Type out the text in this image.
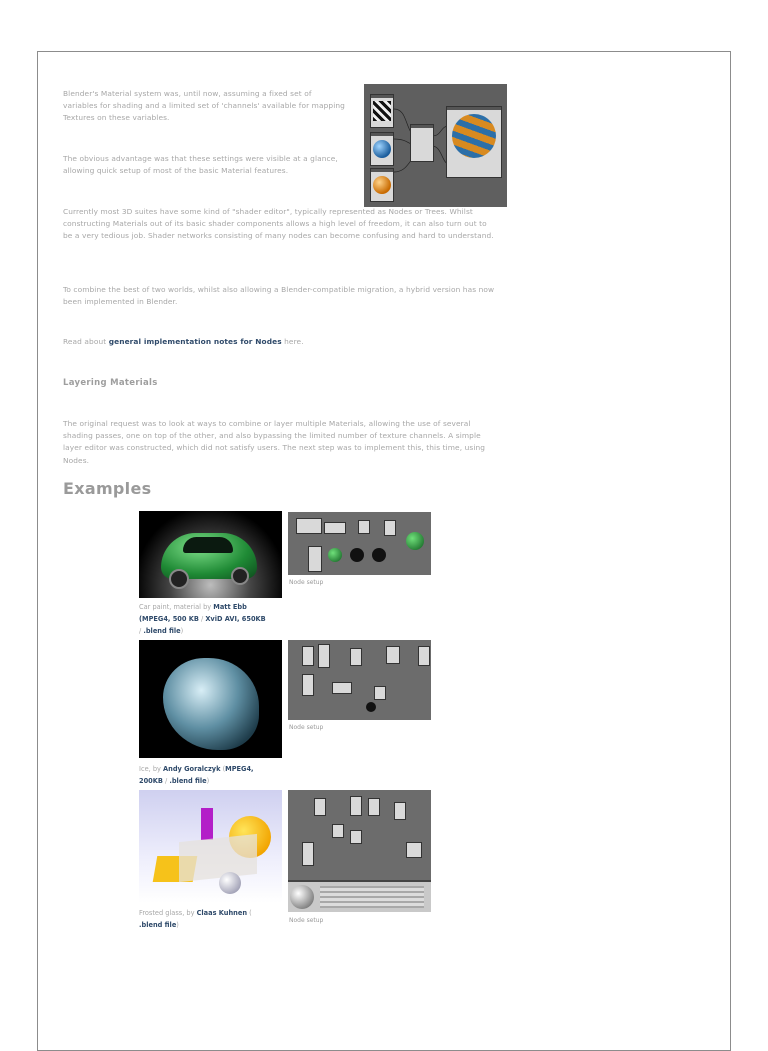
Blender's Material system was, until now, assuming a fixed set of variables for shading and a limited set of 'channels' available for mapping Textures on these variables.

The obvious advantage was that these settings were visible at a glance, allowing quick setup of most of the basic Material features.

Currently most 3D suites have some kind of "shader editor", typically represented as Nodes or Trees. Whilst constructing Materials out of its basic shader components allows a high level of freedom, it can also turn out to be a very tedious job. Shader networks consisting of many nodes can become confusing and hard to understand.

To combine the best of two worlds, whilst also allowing a Blender-compatible migration, a hybrid version has now been implemented in Blender.

Read about general implementation notes for Nodes here.

Layering Materials

The original request was to look at ways to combine or layer multiple Materials, allowing the use of several shading passes, one on top of the other, and also bypassing the limited number of texture channels. A simple layer editor was constructed, which did not satisfy users. The next step was to implement this, this time, using Nodes.

Examples

Node setup

Car paint, material by Matt Ebb
(MPEG4, 500 KB / XviD AVI, 650KB
/ .blend file)

Node setup

Ice, by Andy Goralczyk (MPEG4, 200KB / .blend file)

Node setup

Frosted glass, by Claas Kuhnen (
.blend file)
